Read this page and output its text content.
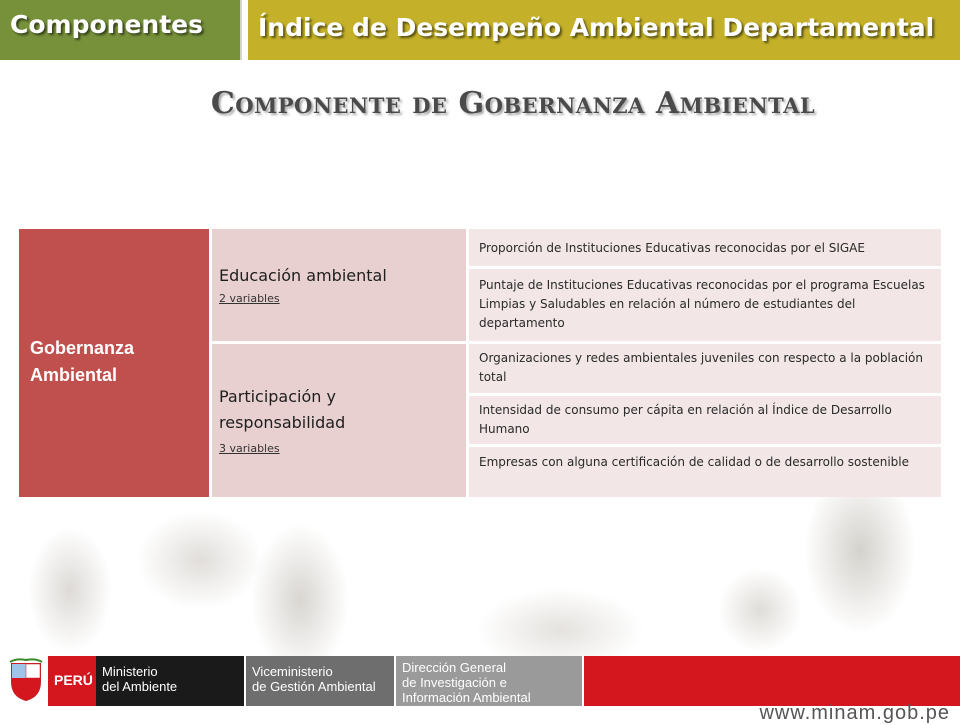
Componentes Índice de Desempeño Ambiental Departamental
Componente de Gobernanza Ambiental
Gobernanza Ambiental
Educación ambiental
2 variables
Participación y responsabilidad
3 variables
Proporción de Instituciones Educativas reconocidas por el SIGAE
Puntaje de Instituciones Educativas reconocidas por el programa Escuelas Limpias y Saludables en relación al número de estudiantes del departamento
Organizaciones y redes ambientales juveniles con respecto a la población total
Intensidad de consumo per cápita en relación al Índice de Desarrollo Humano
Empresas con alguna certificación de calidad o de desarrollo sostenible
PERÚ
Ministerio
del Ambiente
Viceministerio
de Gestión Ambiental
Dirección General
de Investigación e
Información Ambiental
www.minam.gob.pe
